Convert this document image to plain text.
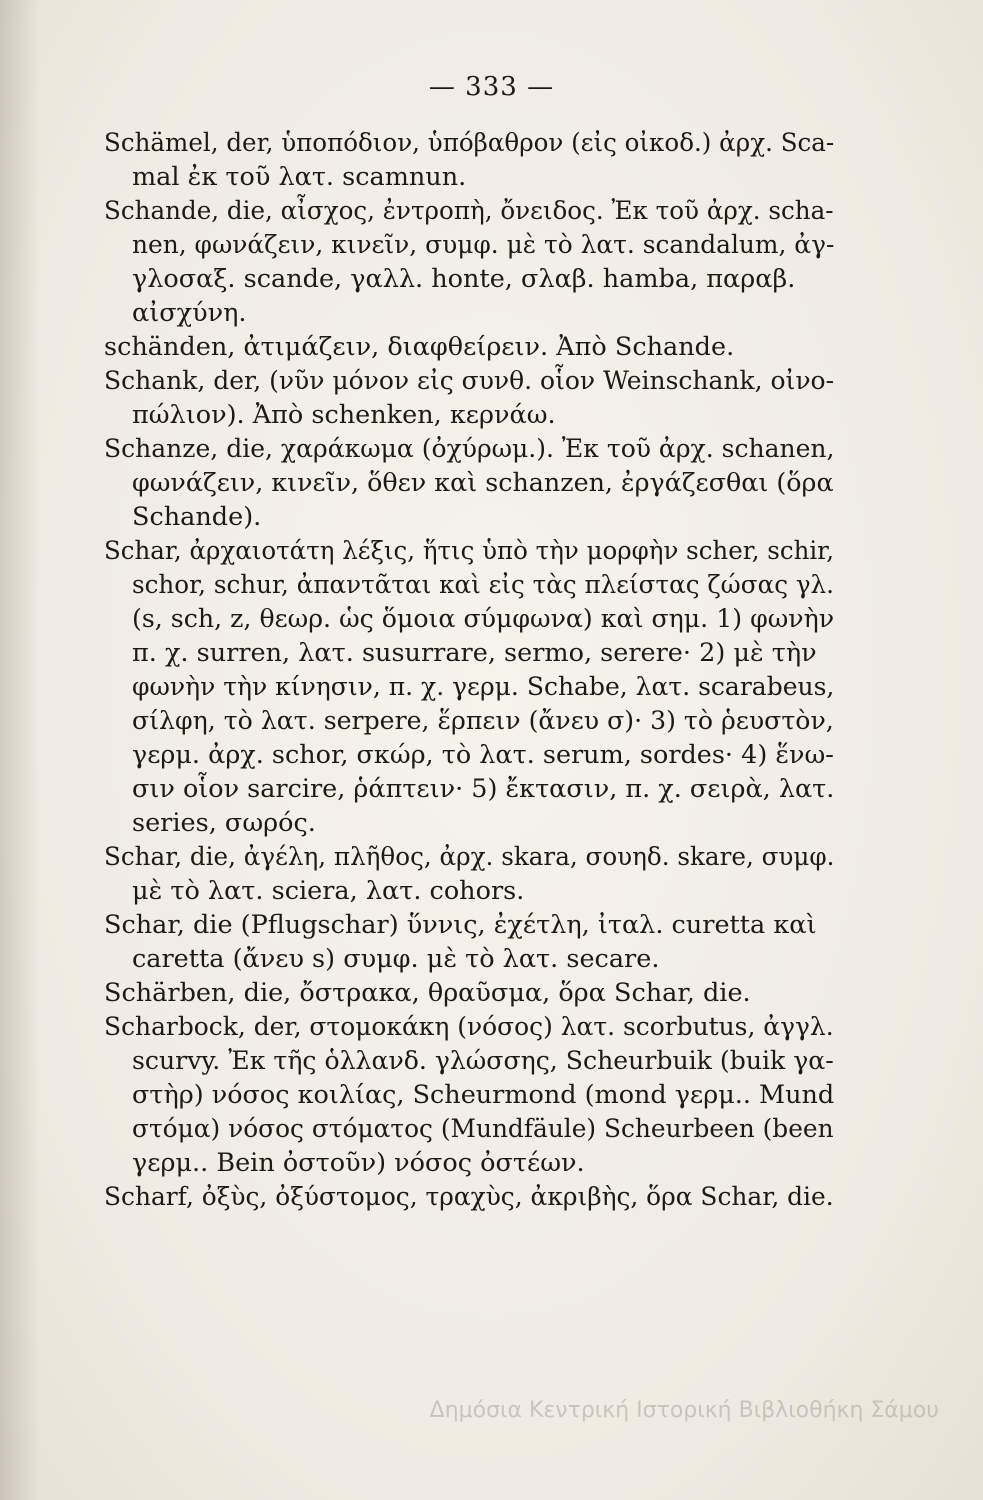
— 333 —
Schämel, der, ὑποπόδιον, ὑπόβαθρον (εἰς οἰκοδ.) ἀρχ. Sca-
mal ἐκ τοῦ λατ. scamnun.
Schande, die, αἶσχος, ἐντροπὴ, ὄνειδος. Ἐκ τοῦ ἀρχ. scha-
nen, φωνάζειν, κινεῖν, συμφ. μὲ τὸ λατ. scandalum, ἀγ-
γλοσαξ. scande, γαλλ. honte, σλαβ. hamba, παραβ.
αἰσχύνη.
schänden, ἀτιμάζειν, διαφθείρειν. Ἀπὸ Schande.
Schank, der, (νῦν μόνον εἰς συνθ. οἷον Weinschank, οἰνο-
πώλιον). Ἀπὸ schenken, κερνάω.
Schanze, die, χαράκωμα (ὀχύρωμ.). Ἐκ τοῦ ἀρχ. schanen,
φωνάζειν, κινεῖν, ὅθεν καὶ schanzen, ἐργάζεσθαι (ὅρα
Schande).
Schar, ἀρχαιοτάτη λέξις, ἥτις ὑπὸ τὴν μορφὴν scher, schir,
schor, schur, ἀπαντᾶται καὶ εἰς τὰς πλείστας ζώσας γλ.
(s, sch, z, θεωρ. ὡς ὅμοια σύμφωνα) καὶ σημ. 1) φωνὴν
π. χ. surren, λατ. susurrare, sermo, serere· 2) μὲ τὴν
φωνὴν τὴν κίνησιν, π. χ. γερμ. Schabe, λατ. scarabeus,
σίλφη, τὸ λατ. serpere, ἕρπειν (ἄνευ σ)· 3) τὸ ῥευστὸν,
γερμ. ἀρχ. schor, σκώρ, τὸ λατ. serum, sordes· 4) ἕνω-
σιν οἷον sarcire, ῥάπτειν· 5) ἔκτασιν, π. χ. σειρὰ, λατ.
series, σωρός.
Schar, die, ἀγέλη, πλῆθος, ἀρχ. skara, σουηδ. skare, συμφ.
μὲ τὸ λατ. sciera, λατ. cohors.
Schar, die (Pflugschar) ὕννις, ἐχέτλη, ἰταλ. curetta καὶ
caretta (ἄνευ s) συμφ. μὲ τὸ λατ. secare.
Schärben, die, ὄστρακα, θραῦσμα, ὅρα Schar, die.
Scharbock, der, στομοκάκη (νόσος) λατ. scorbutus, ἀγγλ.
scurvy. Ἐκ τῆς ὁλλανδ. γλώσσης, Scheurbuik (buik γα-
στὴρ) νόσος κοιλίας, Scheurmond (mond γερμ.. Mund
στόμα) νόσος στόματος (Mundfäule) Scheurbeen (been
γερμ.. Bein ὀστοῦν) νόσος ὀστέων.
Scharf, ὀξὺς, ὀξύστομος, τραχὺς, ἀκριβὴς, ὅρα Schar, die.
Δημόσια Κεντρική Ιστορική Βιβλιοθήκη Σάμου
